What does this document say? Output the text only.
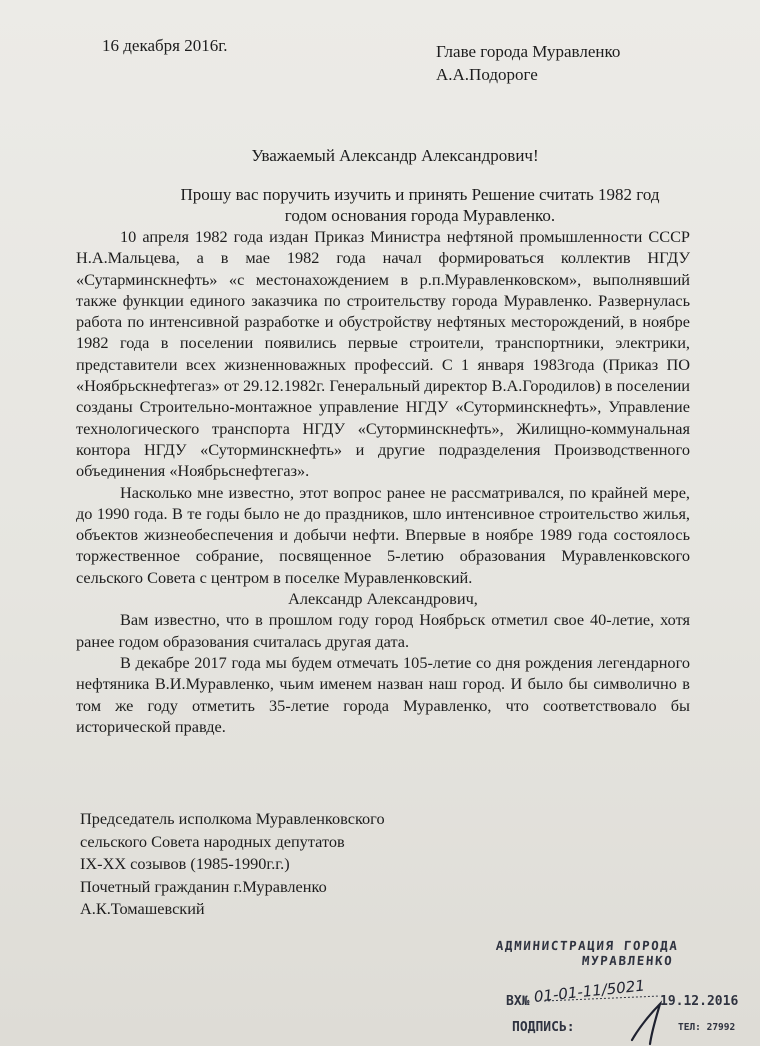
16 декабря 2016г.	Главе города Муравленко
А.А.Подороге
Уважаемый Александр Александрович!
Прошу вас поручить изучить и принять Решение считать 1982 год
годом основания города Муравленко.

10 апреля 1982 года издан Приказ Министра нефтяной промышленности СССР Н.А.Мальцева, а в мае 1982 года начал формироваться коллектив НГДУ «Сутарминскнефть» «с местонахождением в р.п.Муравленковском», выполнявший также функции единого заказчика по строительству города Муравленко. Развернулась работа по интенсивной разработке и обустройству нефтяных месторождений, в ноябре 1982 года в поселении появились первые строители, транспортники, электрики, представители всех жизненноважных профессий. С 1 января 1983года (Приказ ПО «Ноябрьскнефтегаз» от 29.12.1982г. Генеральный директор В.А.Городилов) в поселении созданы Строительно-монтажное управление НГДУ «Суторминскнефть», Управление технологического транспорта НГДУ «Суторминскнефть», Жилищно-коммунальная контора НГДУ «Суторминскнефть» и другие подразделения Производственного объединения «Ноябрьснефтегаз».

Насколько мне известно, этот вопрос ранее не рассматривался, по крайней мере, до 1990 года. В те годы было не до праздников, шло интенсивное строительство жилья, объектов жизнеобеспечения и добычи нефти. Впервые в ноябре 1989 года состоялось торжественное собрание, посвященное 5-летию образования Муравленковского сельского Совета с центром в поселке Муравленковский.

Александр Александрович,

Вам известно, что в прошлом году город Ноябрьск отметил свое 40-летие, хотя ранее годом образования считалась другая дата.

В декабре 2017 года мы будем отмечать 105-летие со дня рождения легендарного нефтяника В.И.Муравленко, чьим именем назван наш город. И было бы символично в том же году отметить 35-летие города Муравленко, что соответствовало бы исторической правде.

Председатель исполкома Муравленковского
сельского Совета народных депутатов
IX-XX созывов (1985-1990г.г.)
Почетный гражданин г.Муравленко
А.К.Томашевский
АДМИНИСТРАЦИЯ ГОРОДА
МУРАВЛЕНКО
ВХ№	19.12.2016
ПОДПИСЬ:	ТЕЛ: 27992
01-01-11/5021
